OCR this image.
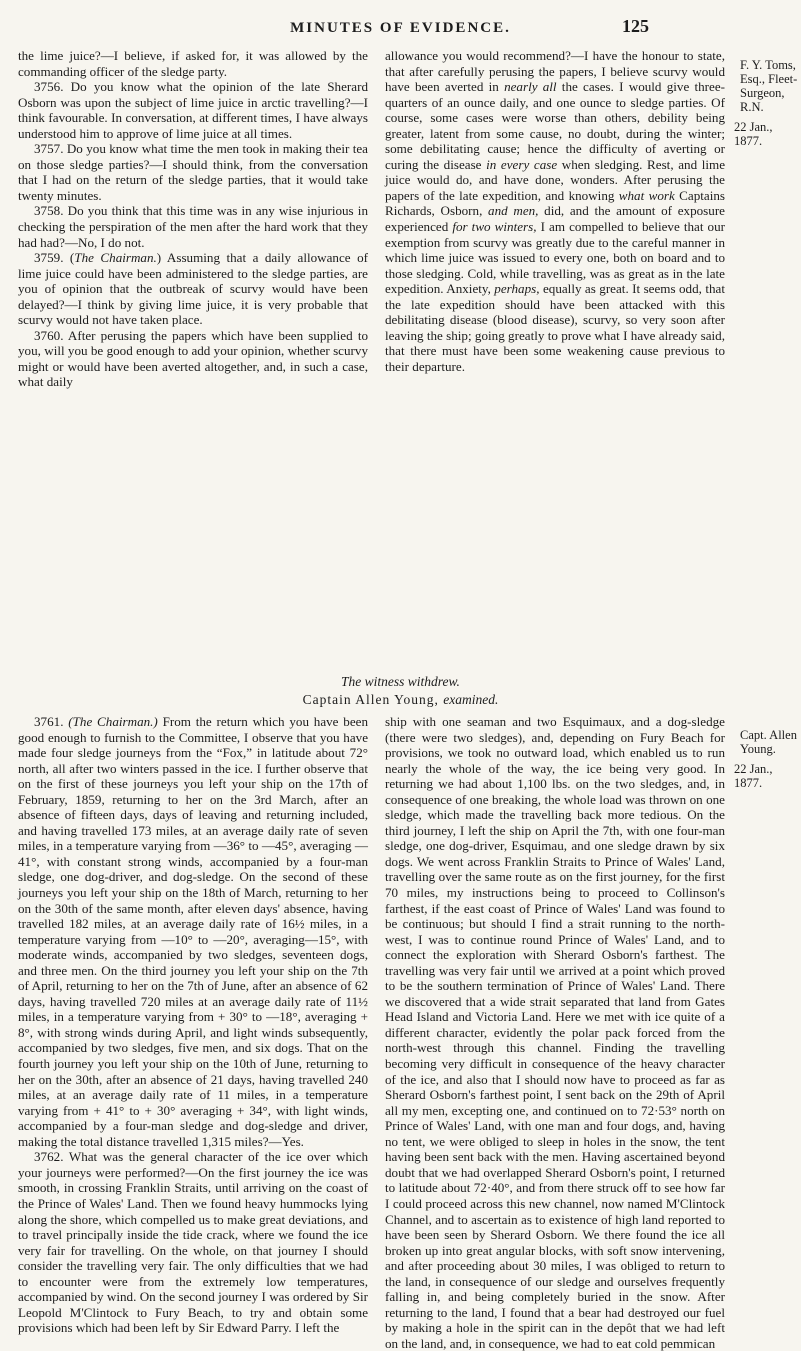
MINUTES OF EVIDENCE.	125
F. Y. Toms, Esq., Fleet-Surgeon, R.N.
22 Jan., 1877.

the lime juice?—I believe, if asked for, it was allowed by the commanding officer of the sledge party.

3756. Do you know what the opinion of the late Sherard Osborn was upon the subject of lime juice in arctic travelling?—I think favourable. In conversation, at different times, I have always understood him to approve of lime juice at all times.

3757. Do you know what time the men took in making their tea on those sledge parties?—I should think, from the conversation that I had on the return of the sledge parties, that it would take twenty minutes.

3758. Do you think that this time was in any wise injurious in checking the perspiration of the men after the hard work that they had had?—No, I do not.

3759. (The Chairman.) Assuming that a daily allowance of lime juice could have been administered to the sledge parties, are you of opinion that the outbreak of scurvy would have been delayed?—I think by giving lime juice, it is very probable that scurvy would not have taken place.

3760. After perusing the papers which have been supplied to you, will you be good enough to add your opinion, whether scurvy might or would have been averted altogether, and, in such a case, what daily

allowance you would recommend?—I have the honour to state, that after carefully perusing the papers, I believe scurvy would have been averted in nearly all the cases. I would give three-quarters of an ounce daily, and one ounce to sledge parties. Of course, some cases were worse than others, debility being greater, latent from some cause, no doubt, during the winter; some debilitating cause; hence the difficulty of averting or curing the disease in every case when sledging. Rest, and lime juice would do, and have done, wonders. After perusing the papers of the late expedition, and knowing what work Captains Richards, Osborn, and men, did, and the amount of exposure experienced for two winters, I am compelled to believe that our exemption from scurvy was greatly due to the careful manner in which lime juice was issued to every one, both on board and to those sledging. Cold, while travelling, was as great as in the late expedition. Anxiety, perhaps, equally as great. It seems odd, that the late expedition should have been attacked with this debilitating disease (blood disease), scurvy, so very soon after leaving the ship; going greatly to prove what I have already said, that there must have been some weakening cause previous to their departure.

The witness withdrew.
Captain Allen Young, examined.
Capt. Allen Young.
22 Jan., 1877.

3761. (The Chairman.) From the return which you have been good enough to furnish to the Committee, I observe that you have made four sledge journeys from the “Fox,” in latitude about 72° north, all after two winters passed in the ice. I further observe that on the first of these journeys you left your ship on the 17th of February, 1859, returning to her on the 3rd March, after an absence of fifteen days, days of leaving and returning included, and having travelled 173 miles, at an average daily rate of seven miles, in a temperature varying from —36° to —45°, averaging —41°, with constant strong winds, accompanied by a four-man sledge, one dog-driver, and dog-sledge. On the second of these journeys you left your ship on the 18th of March, returning to her on the 30th of the same month, after eleven days' absence, having travelled 182 miles, at an average daily rate of 16½ miles, in a temperature varying from —10° to —20°, averaging—15°, with moderate winds, accompanied by two sledges, seventeen dogs, and three men. On the third journey you left your ship on the 7th of April, returning to her on the 7th of June, after an absence of 62 days, having travelled 720 miles at an average daily rate of 11½ miles, in a temperature varying from + 30° to —18°, averaging + 8°, with strong winds during April, and light winds subsequently, accompanied by two sledges, five men, and six dogs. That on the fourth journey you left your ship on the 10th of June, returning to her on the 30th, after an absence of 21 days, having travelled 240 miles, at an average daily rate of 11 miles, in a temperature varying from + 41° to + 30° averaging + 34°, with light winds, accompanied by a four-man sledge and dog-sledge and driver, making the total distance travelled 1,315 miles?—Yes.

3762. What was the general character of the ice over which your journeys were performed?—On the first journey the ice was smooth, in crossing Franklin Straits, until arriving on the coast of the Prince of Wales' Land. Then we found heavy hummocks lying along the shore, which compelled us to make great deviations, and to travel principally inside the tide crack, where we found the ice very fair for travelling. On the whole, on that journey I should consider the travelling very fair. The only difficulties that we had to encounter were from the extremely low temperatures, accompanied by wind. On the second journey I was ordered by Sir Leopold M'Clintock to Fury Beach, to try and obtain some provisions which had been left by Sir Edward Parry. I left the

ship with one seaman and two Esquimaux, and a dog-sledge (there were two sledges), and, depending on Fury Beach for provisions, we took no outward load, which enabled us to run nearly the whole of the way, the ice being very good. In returning we had about 1,100 lbs. on the two sledges, and, in consequence of one breaking, the whole load was thrown on one sledge, which made the travelling back more tedious. On the third journey, I left the ship on April the 7th, with one four-man sledge, one dog-driver, Esquimau, and one sledge drawn by six dogs. We went across Franklin Straits to Prince of Wales' Land, travelling over the same route as on the first journey, for the first 70 miles, my instructions being to proceed to Collinson's farthest, if the east coast of Prince of Wales' Land was found to be continuous; but should I find a strait running to the north-west, I was to continue round Prince of Wales' Land, and to connect the exploration with Sherard Osborn's farthest. The travelling was very fair until we arrived at a point which proved to be the southern termination of Prince of Wales' Land. There we discovered that a wide strait separated that land from Gates Head Island and Victoria Land. Here we met with ice quite of a different character, evidently the polar pack forced from the north-west through this channel. Finding the travelling becoming very difficult in consequence of the heavy character of the ice, and also that I should now have to proceed as far as Sherard Osborn's farthest point, I sent back on the 29th of April all my men, excepting one, and continued on to 72·53° north on Prince of Wales' Land, with one man and four dogs, and, having no tent, we were obliged to sleep in holes in the snow, the tent having been sent back with the men. Having ascertained beyond doubt that we had overlapped Sherard Osborn's point, I returned to latitude about 72·40°, and from there struck off to see how far I could proceed across this new channel, now named M'Clintock Channel, and to ascertain as to existence of high land reported to have been seen by Sherard Osborn. We there found the ice all broken up into great angular blocks, with soft snow intervening, and after proceeding about 30 miles, I was obliged to return to the land, in consequence of our sledge and ourselves frequently falling in, and being completely buried in the snow. After returning to the land, I found that a bear had destroyed our fuel by making a hole in the spirit can in the depôt that we had left on the land, and, in consequence, we had to eat cold pemmican
